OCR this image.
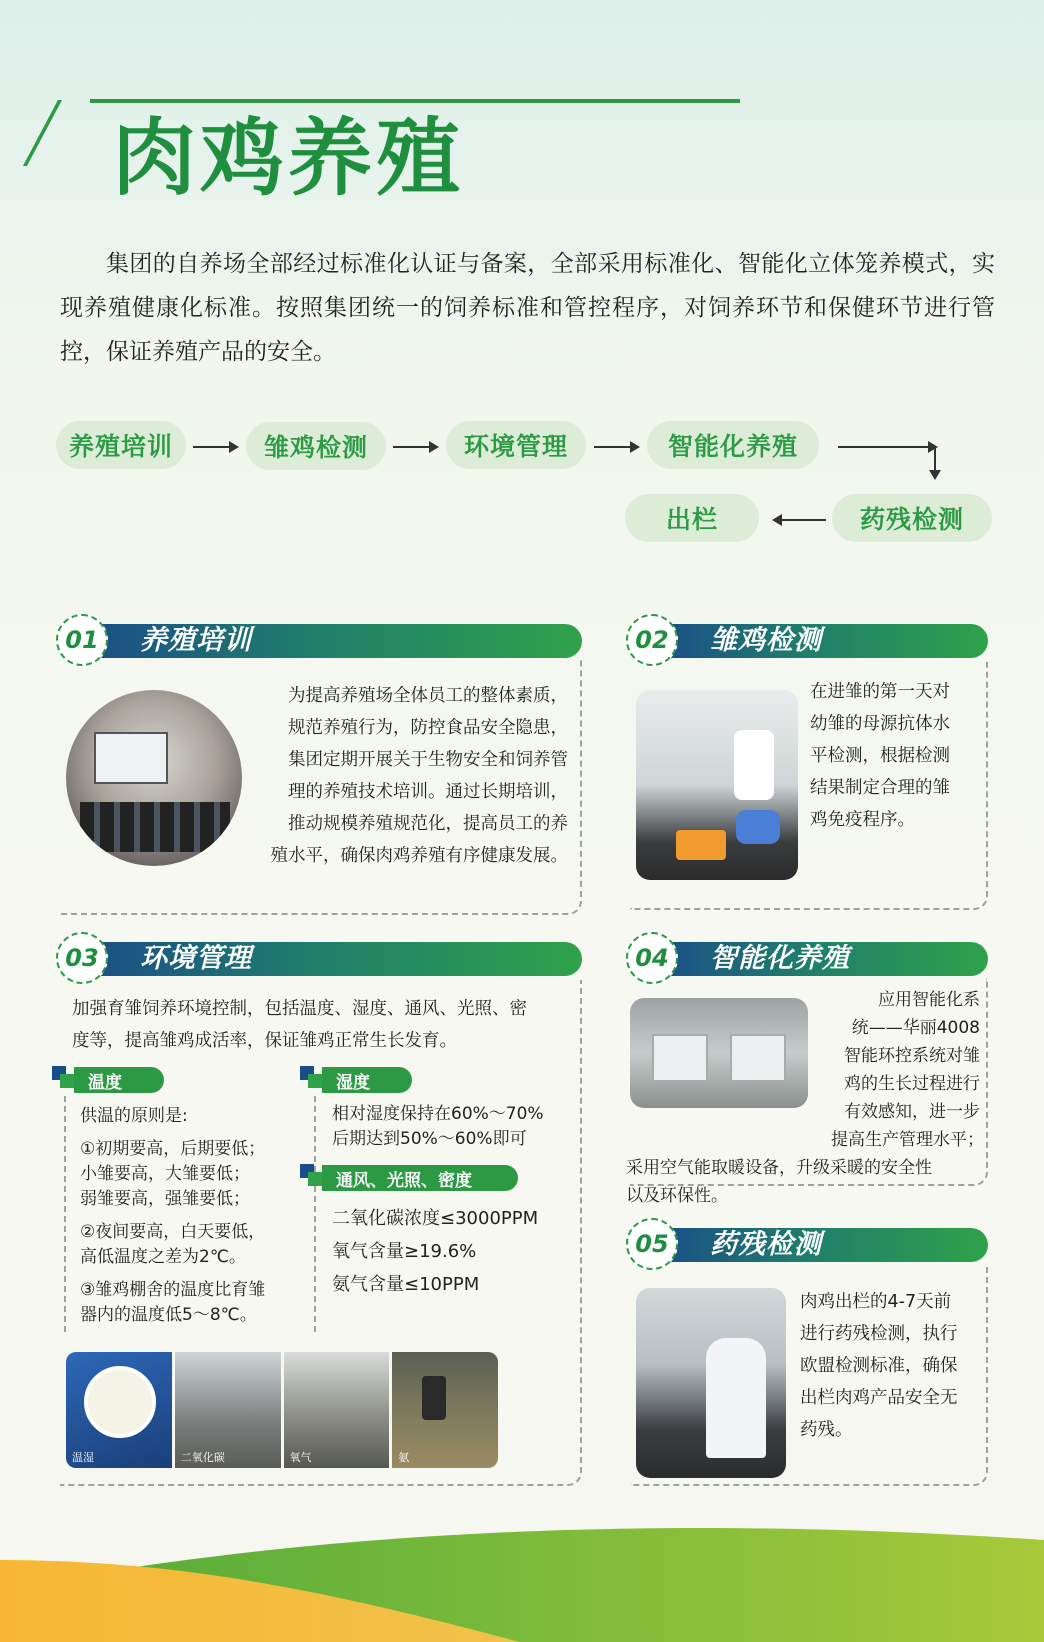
肉鸡养殖
集团的自养场全部经过标准化认证与备案，全部采用标准化、智能化立体笼养模式，实现养殖健康化标准。按照集团统一的饲养标准和管控程序，对饲养环节和保健环节进行管控，保证养殖产品的安全。
养殖培训	雏鸡检测	环境管理	智能化养殖
药残检测
出栏
01	养殖培训
为提高养殖场全体员工的整体素质，
规范养殖行为，防控食品安全隐患，
集团定期开展关于生物安全和饲养管
理的养殖技术培训。通过长期培训，
推动规模养殖规范化，提高员工的养
殖水平，确保肉鸡养殖有序健康发展。
02	雏鸡检测
在进雏的第一天对
幼雏的母源抗体水
平检测，根据检测
结果制定合理的雏
鸡免疫程序。
03	环境管理
加强育雏饲养环境控制，包括温度、湿度、通风、光照、密
度等，提高雏鸡成活率，保证雏鸡正常生长发育。
温度
供温的原则是:
①初期要高，后期要低；
小雏要高，大雏要低；
弱雏要高，强雏要低；
②夜间要高，白天要低，
高低温度之差为2℃。
③雏鸡棚舍的温度比育雏
器内的温度低5～8℃。
湿度
相对湿度保持在60%～70%
后期达到50%～60%即可
通风、光照、密度
二氧化碳浓度≤3000PPM
氧气含量≥19.6%
氨气含量≤10PPM
温湿	二氧化碳	氧气	氨
04	智能化养殖
应用智能化系
统——华丽4008
智能环控系统对雏
鸡的生长过程进行
有效感知，进一步
提高生产管理水平；
采用空气能取暖设备，升级采暖的安全性
以及环保性。
05	药残检测
肉鸡出栏的4-7天前
进行药残检测，执行
欧盟检测标准，确保
出栏肉鸡产品安全无
药残。
